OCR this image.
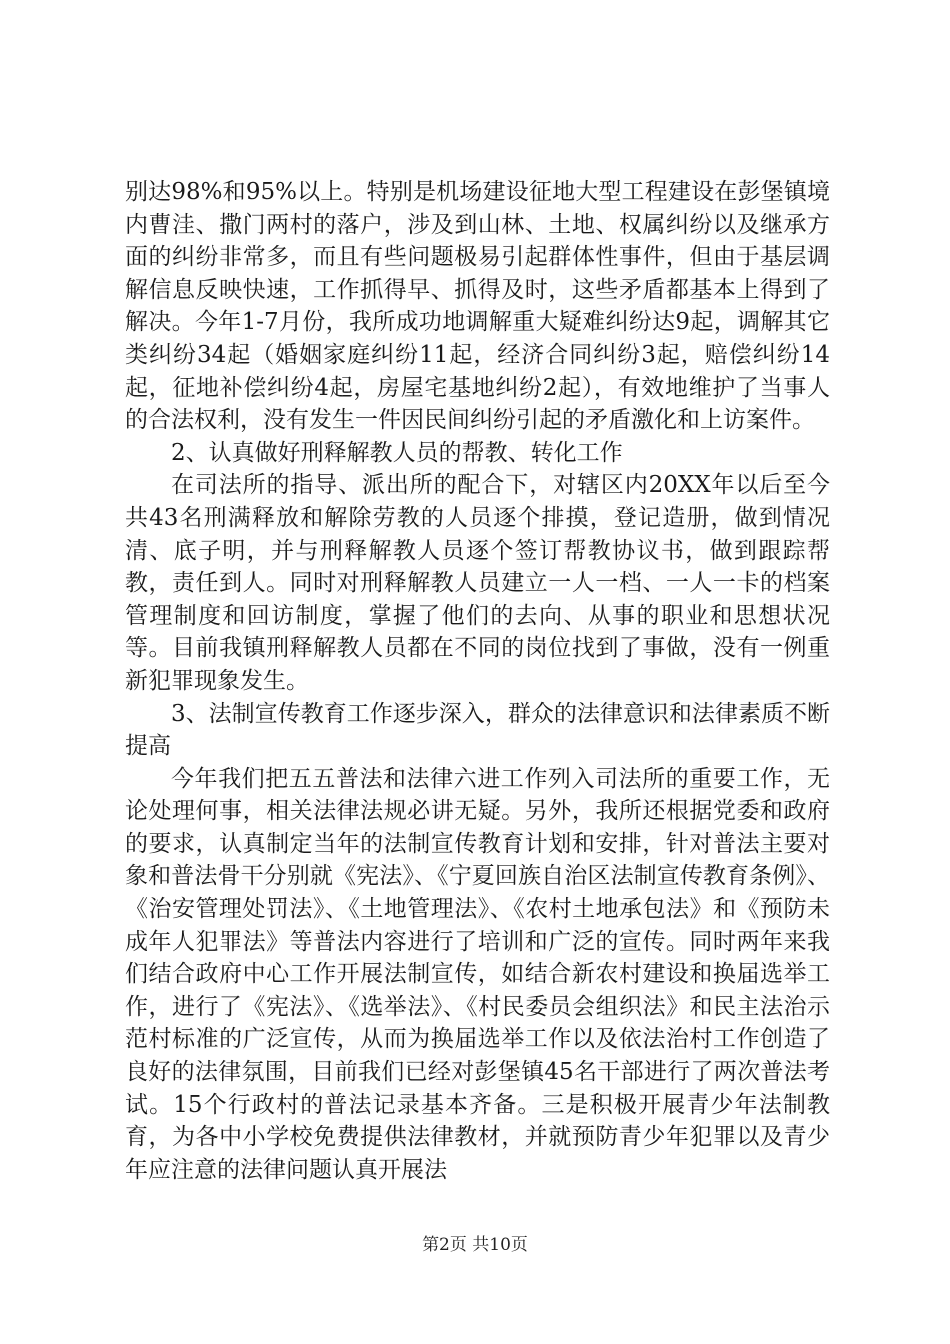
别达98%和95%以上。特别是机场建设征地大型工程建设在彭堡镇境内曹洼、撒门两村的落户，涉及到山林、土地、权属纠纷以及继承方面的纠纷非常多，而且有些问题极易引起群体性事件，但由于基层调解信息反映快速，工作抓得早、抓得及时，这些矛盾都基本上得到了解决。今年1-7月份，我所成功地调解重大疑难纠纷达9起，调解其它类纠纷34起（婚姻家庭纠纷11起，经济合同纠纷3起，赔偿纠纷14起，征地补偿纠纷4起，房屋宅基地纠纷2起），有效地维护了当事人的合法权利，没有发生一件因民间纠纷引起的矛盾激化和上访案件。

2、认真做好刑释解教人员的帮教、转化工作

在司法所的指导、派出所的配合下，对辖区内20XX年以后至今共43名刑满释放和解除劳教的人员逐个排摸，登记造册，做到情况清、底子明，并与刑释解教人员逐个签订帮教协议书，做到跟踪帮教，责任到人。同时对刑释解教人员建立一人一档、一人一卡的档案管理制度和回访制度，掌握了他们的去向、从事的职业和思想状况等。目前我镇刑释解教人员都在不同的岗位找到了事做，没有一例重新犯罪现象发生。

3、法制宣传教育工作逐步深入，群众的法律意识和法律素质不断提高

今年我们把五五普法和法律六进工作列入司法所的重要工作，无论处理何事，相关法律法规必讲无疑。另外，我所还根据党委和政府的要求，认真制定当年的法制宣传教育计划和安排，针对普法主要对象和普法骨干分别就《宪法》、《宁夏回族自治区法制宣传教育条例》、《治安管理处罚法》、《土地管理法》、《农村土地承包法》和《预防未成年人犯罪法》等普法内容进行了培训和广泛的宣传。同时两年来我们结合政府中心工作开展法制宣传，如结合新农村建设和换届选举工作，进行了《宪法》、《选举法》、《村民委员会组织法》和民主法治示范村标准的广泛宣传，从而为换届选举工作以及依法治村工作创造了良好的法律氛围，目前我们已经对彭堡镇45名干部进行了两次普法考试。15个行政村的普法记录基本齐备。三是积极开展青少年法制教育，为各中小学校免费提供法律教材，并就预防青少年犯罪以及青少年应注意的法律问题认真开展法

第2页 共10页
